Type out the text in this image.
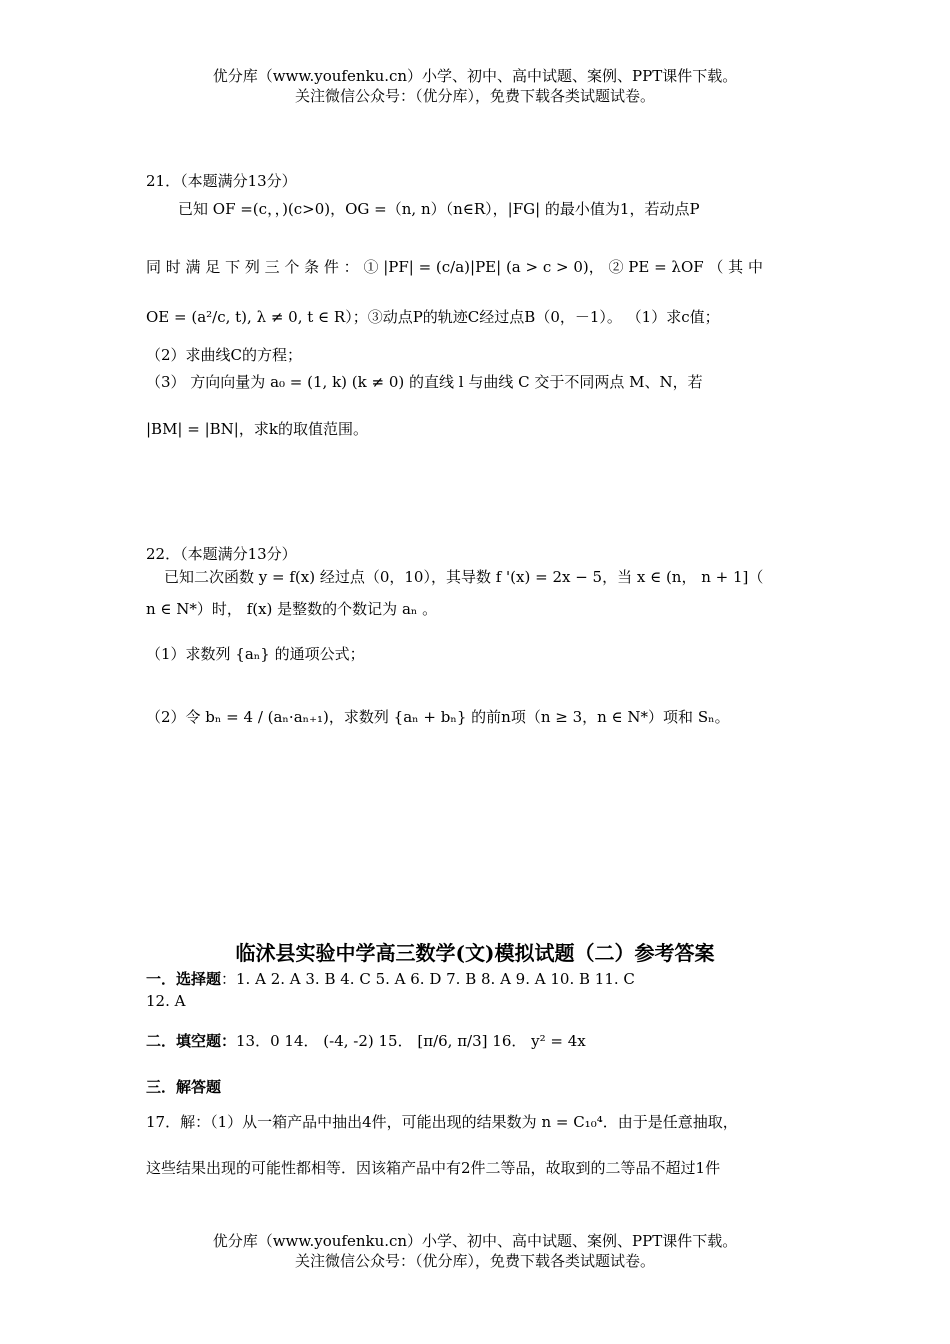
优分库（www.youfenku.cn）小学、初中、高中试题、案例、PPT课件下载。
关注微信公众号：（优分库），免费下载各类试题试卷。
21．（本题满分13分）
已知 OF =(c，，)(c>0)，OG =（n, n）（n∈R），|FG| 的最小值为1，若动点P
同 时 满 足 下 列 三 个 条 件 ： ① |PF| = (c/a)|PE| (a > c > 0)， ② PE = λOF （ 其 中
OE = (a²/c, t), λ ≠ 0, t ∈ R）；③动点P的轨迹C经过点B（0，－1）。 （1）求c值；
（2）求曲线C的方程；
（3） 方向向量为 a₀ = (1, k) (k ≠ 0) 的直线 l 与曲线 C 交于不同两点 M、N，若
|BM| = |BN|，求k的取值范围。
22．（本题满分13分）
已知二次函数 y = f(x) 经过点（0，10），其导数 f '(x) = 2x − 5，当 x ∈ (n， n + 1]（
n ∈ N*）时， f(x) 是整数的个数记为 aₙ 。
（1）求数列 {aₙ} 的通项公式；
（2）令 bₙ = 4 / (aₙ·aₙ₊₁)，求数列 {aₙ + bₙ} 的前n项（n ≥ 3，n ∈ N*）项和 Sₙ。
临沭县实验中学高三数学(文)模拟试题（二）参考答案
一．选择题：1. A 2. A 3. B 4. C 5. A 6. D 7. B 8. A 9. A 10. B 11. C
12. A
二．填空题：13．0 14． (-4, -2) 15． [π/6, π/3] 16． y² = 4x
三．解答题
17．解：（1）从一箱产品中抽出4件，可能出现的结果数为 n = C₁₀⁴．由于是任意抽取，
这些结果出现的可能性都相等．因该箱产品中有2件二等品，故取到的二等品不超过1件
优分库（www.youfenku.cn）小学、初中、高中试题、案例、PPT课件下载。
关注微信公众号：（优分库），免费下载各类试题试卷。
